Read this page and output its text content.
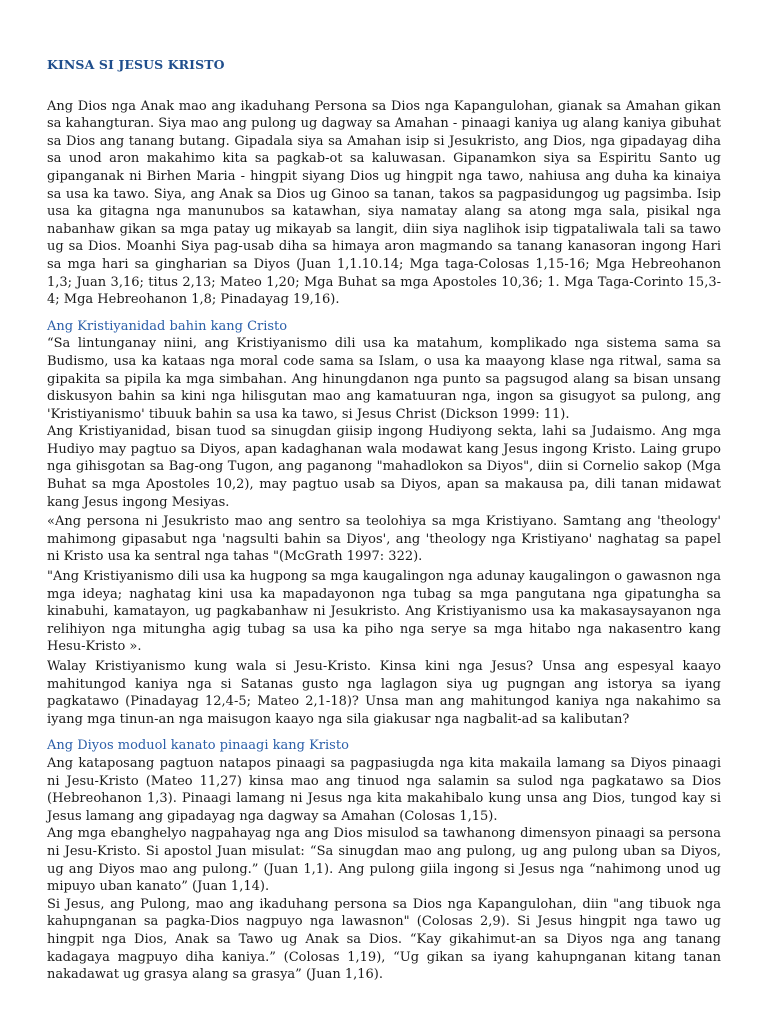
KINSA SI JESUS KRISTO

Ang Dios nga Anak mao ang ikaduhang Persona sa Dios nga Kapangulohan, gianak sa Amahan gikan sa kahangturan. Siya mao ang pulong ug dagway sa Amahan - pinaagi kaniya ug alang kaniya gibuhat sa Dios ang tanang butang. Gipadala siya sa Amahan isip si Jesukristo, ang Dios, nga gipadayag diha sa unod aron makahimo kita sa pagkab-ot sa kaluwasan. Gipanamkon siya sa Espiritu Santo ug gipanganak ni Birhen Maria - hingpit siyang Dios ug hingpit nga tawo, nahiusa ang duha ka kinaiya sa usa ka tawo. Siya, ang Anak sa Dios ug Ginoo sa tanan, takos sa pagpasidungog ug pagsimba. Isip usa ka gitagna nga manunubos sa katawhan, siya namatay alang sa atong mga sala, pisikal nga nabanhaw gikan sa mga patay ug mikayab sa langit, diin siya naglihok isip tigpataliwala tali sa tawo ug sa Dios. Moanhi Siya pag-usab diha sa himaya aron magmando sa tanang kanasoran ingong Hari sa mga hari sa gingharian sa Diyos (Juan 1,1.10.14; Mga taga-Colosas 1,15-16; Mga Hebreohanon 1,3; Juan 3,16; titus 2,13; Mateo 1,20; Mga Buhat sa mga Apostoles 10,36; 1. Mga Taga-Corinto 15,3-4; Mga Hebreohanon 1,8; Pinadayag 19,16).

Ang Kristiyanidad bahin kang Cristo

“Sa lintunganay niini, ang Kristiyanismo dili usa ka matahum, komplikado nga sistema sama sa Budismo, usa ka kataas nga moral code sama sa Islam, o usa ka maayong klase nga ritwal, sama sa gipakita sa pipila ka mga simbahan. Ang hinungdanon nga punto sa pagsugod alang sa bisan unsang diskusyon bahin sa kini nga hilisgutan mao ang kamatuuran nga, ingon sa gisugyot sa pulong, ang 'Kristiyanismo' tibuuk bahin sa usa ka tawo, si Jesus Christ (Dickson 1999: 11).

Ang Kristiyanidad, bisan tuod sa sinugdan giisip ingong Hudiyong sekta, lahi sa Judaismo. Ang mga Hudiyo may pagtuo sa Diyos, apan kadaghanan wala modawat kang Jesus ingong Kristo. Laing grupo nga gihisgotan sa Bag-ong Tugon, ang paganong "mahadlokon sa Diyos", diin si Cornelio sakop (Mga Buhat sa mga Apostoles 10,2), may pagtuo usab sa Diyos, apan sa makausa pa, dili tanan midawat kang Jesus ingong Mesiyas.

«Ang persona ni Jesukristo mao ang sentro sa teolohiya sa mga Kristiyano. Samtang ang 'theology' mahimong gipasabut nga 'nagsulti bahin sa Diyos', ang 'theology nga Kristiyano' naghatag sa papel ni Kristo usa ka sentral nga tahas "(McGrath 1997: 322).

"Ang Kristiyanismo dili usa ka hugpong sa mga kaugalingon nga adunay kaugalingon o gawasnon nga mga ideya; naghatag kini usa ka mapadayonon nga tubag sa mga pangutana nga gipatungha sa kinabuhi, kamatayon, ug pagkabanhaw ni Jesukristo. Ang Kristiyanismo usa ka makasaysayanon nga relihiyon nga mitungha agig tubag sa usa ka piho nga serye sa mga hitabo nga nakasentro kang Hesu-Kristo ».

Walay Kristiyanismo kung wala si Jesu-Kristo. Kinsa kini nga Jesus? Unsa ang espesyal kaayo mahitungod kaniya nga si Satanas gusto nga laglagon siya ug pugngan ang istorya sa iyang pagkatawo (Pinadayag 12,4-5; Mateo 2,1-18)? Unsa man ang mahitungod kaniya nga nakahimo sa iyang mga tinun-an nga maisugon kaayo nga sila giakusar nga nagbalit-ad sa kalibutan?

Ang Diyos moduol kanato pinaagi kang Kristo

Ang kataposang pagtuon natapos pinaagi sa pagpasiugda nga kita makaila lamang sa Diyos pinaagi ni Jesu-Kristo (Mateo 11,27) kinsa mao ang tinuod nga salamin sa sulod nga pagkatawo sa Dios (Hebreohanon 1,3). Pinaagi lamang ni Jesus nga kita makahibalo kung unsa ang Dios, tungod kay si Jesus lamang ang gipadayag nga dagway sa Amahan (Colosas 1,15).

Ang mga ebanghelyo nagpahayag nga ang Dios misulod sa tawhanong dimensyon pinaagi sa persona ni Jesu-Kristo. Si apostol Juan misulat: “Sa sinugdan mao ang pulong, ug ang pulong uban sa Diyos, ug ang Diyos mao ang pulong.” (Juan 1,1). Ang pulong giila ingong si Jesus nga “nahimong unod ug mipuyo uban kanato” (Juan 1,14).

Si Jesus, ang Pulong, mao ang ikaduhang persona sa Dios nga Kapangulohan, diin "ang tibuok nga kahupnganan sa pagka-Dios nagpuyo nga lawasnon" (Colosas 2,9). Si Jesus hingpit nga tawo ug hingpit nga Dios, Anak sa Tawo ug Anak sa Dios. “Kay gikahimut-an sa Diyos nga ang tanang kadagaya magpuyo diha kaniya.” (Colosas 1,19), “Ug gikan sa iyang kahupnganan kitang tanan nakadawat ug grasya alang sa grasya” (Juan 1,16).
